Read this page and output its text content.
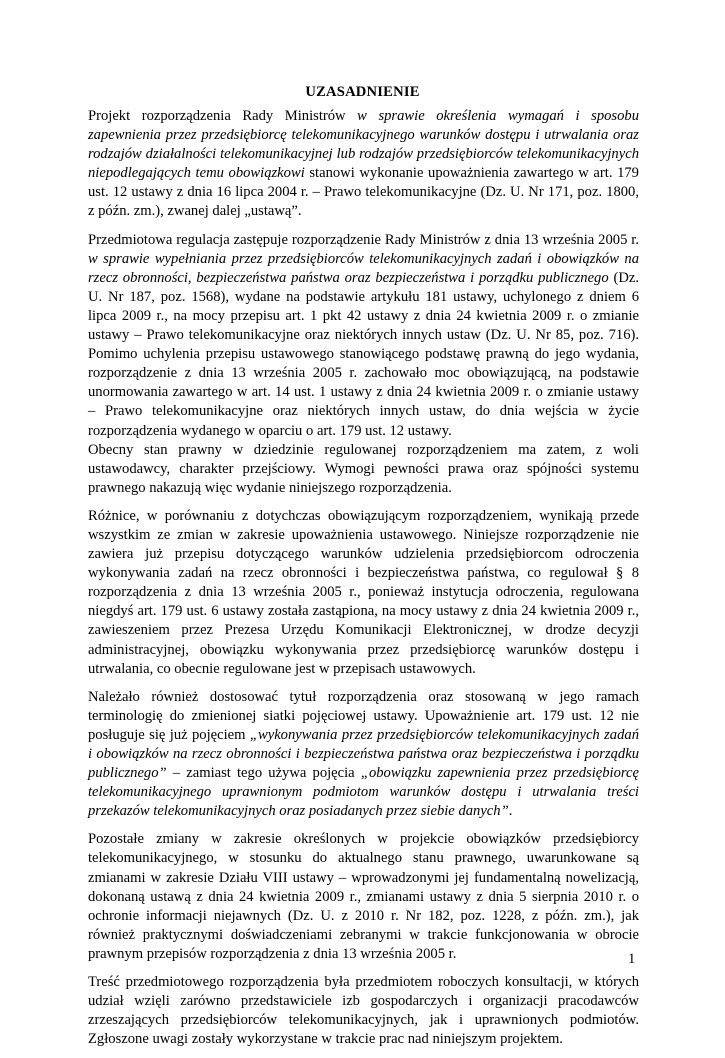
UZASADNIENIE

Projekt rozporządzenia Rady Ministrów w sprawie określenia wymagań i sposobu zapewnienia przez przedsiębiorcę telekomunikacyjnego warunków dostępu i utrwalania oraz rodzajów działalności telekomunikacyjnej lub rodzajów przedsiębiorców telekomunikacyjnych niepodlegających temu obowiązkowi stanowi wykonanie upoważnienia zawartego w art. 179 ust. 12 ustawy z dnia 16 lipca 2004 r. – Prawo telekomunikacyjne (Dz. U. Nr 171, poz. 1800, z późn. zm.), zwanej dalej „ustawą”.

Przedmiotowa regulacja zastępuje rozporządzenie Rady Ministrów z dnia 13 września 2005 r. w sprawie wypełniania przez przedsiębiorców telekomunikacyjnych zadań i obowiązków na rzecz obronności, bezpieczeństwa państwa oraz bezpieczeństwa i porządku publicznego (Dz. U. Nr 187, poz. 1568), wydane na podstawie artykułu 181 ustawy, uchylonego z dniem 6 lipca 2009 r., na mocy przepisu art. 1 pkt 42 ustawy z dnia 24 kwietnia 2009 r. o zmianie ustawy – Prawo telekomunikacyjne oraz niektórych innych ustaw (Dz. U. Nr 85, poz. 716). Pomimo uchylenia przepisu ustawowego stanowiącego podstawę prawną do jego wydania, rozporządzenie z dnia 13 września 2005 r. zachowało moc obowiązującą, na podstawie unormowania zawartego w art. 14 ust. 1 ustawy z dnia 24 kwietnia 2009 r. o zmianie ustawy – Prawo telekomunikacyjne oraz niektórych innych ustaw, do dnia wejścia w życie rozporządzenia wydanego w oparciu o art. 179 ust. 12 ustawy.

Obecny stan prawny w dziedzinie regulowanej rozporządzeniem ma zatem, z woli ustawodawcy, charakter przejściowy. Wymogi pewności prawa oraz spójności systemu prawnego nakazują więc wydanie niniejszego rozporządzenia.

Różnice, w porównaniu z dotychczas obowiązującym rozporządzeniem, wynikają przede wszystkim ze zmian w zakresie upoważnienia ustawowego. Niniejsze rozporządzenie nie zawiera już przepisu dotyczącego warunków udzielenia przedsiębiorcom odroczenia wykonywania zadań na rzecz obronności i bezpieczeństwa państwa, co regulował § 8 rozporządzenia z dnia 13 września 2005 r., ponieważ instytucja odroczenia, regulowana niegdyś art. 179 ust. 6 ustawy została zastąpiona, na mocy ustawy z dnia 24 kwietnia 2009 r., zawieszeniem przez Prezesa Urzędu Komunikacji Elektronicznej, w drodze decyzji administracyjnej, obowiązku wykonywania przez przedsiębiorcę warunków dostępu i utrwalania, co obecnie regulowane jest w przepisach ustawowych.

Należało również dostosować tytuł rozporządzenia oraz stosowaną w jego ramach terminologię do zmienionej siatki pojęciowej ustawy. Upoważnienie art. 179 ust. 12 nie posługuje się już pojęciem „wykonywania przez przedsiębiorców telekomunikacyjnych zadań i obowiązków na rzecz obronności i bezpieczeństwa państwa oraz bezpieczeństwa i porządku publicznego” – zamiast tego używa pojęcia „obowiązku zapewnienia przez przedsiębiorcę telekomunikacyjnego uprawnionym podmiotom warunków dostępu i utrwalania treści przekazów telekomunikacyjnych oraz posiadanych przez siebie danych”.

Pozostałe zmiany w zakresie określonych w projekcie obowiązków przedsiębiorcy telekomunikacyjnego, w stosunku do aktualnego stanu prawnego, uwarunkowane są zmianami w zakresie Działu VIII ustawy – wprowadzonymi jej fundamentalną nowelizacją, dokonaną ustawą z dnia 24 kwietnia 2009 r., zmianami ustawy z dnia 5 sierpnia 2010 r. o ochronie informacji niejawnych (Dz. U. z 2010 r. Nr 182, poz. 1228, z późn. zm.), jak również praktycznymi doświadczeniami zebranymi w trakcie funkcjonowania w obrocie prawnym przepisów rozporządzenia z dnia 13 września 2005 r.

Treść przedmiotowego rozporządzenia była przedmiotem roboczych konsultacji, w których udział wzięli zarówno przedstawiciele izb gospodarczych i organizacji pracodawców zrzeszających przedsiębiorców telekomunikacyjnych, jak i uprawnionych podmiotów. Zgłoszone uwagi zostały wykorzystane w trakcie prac nad niniejszym projektem.

1
